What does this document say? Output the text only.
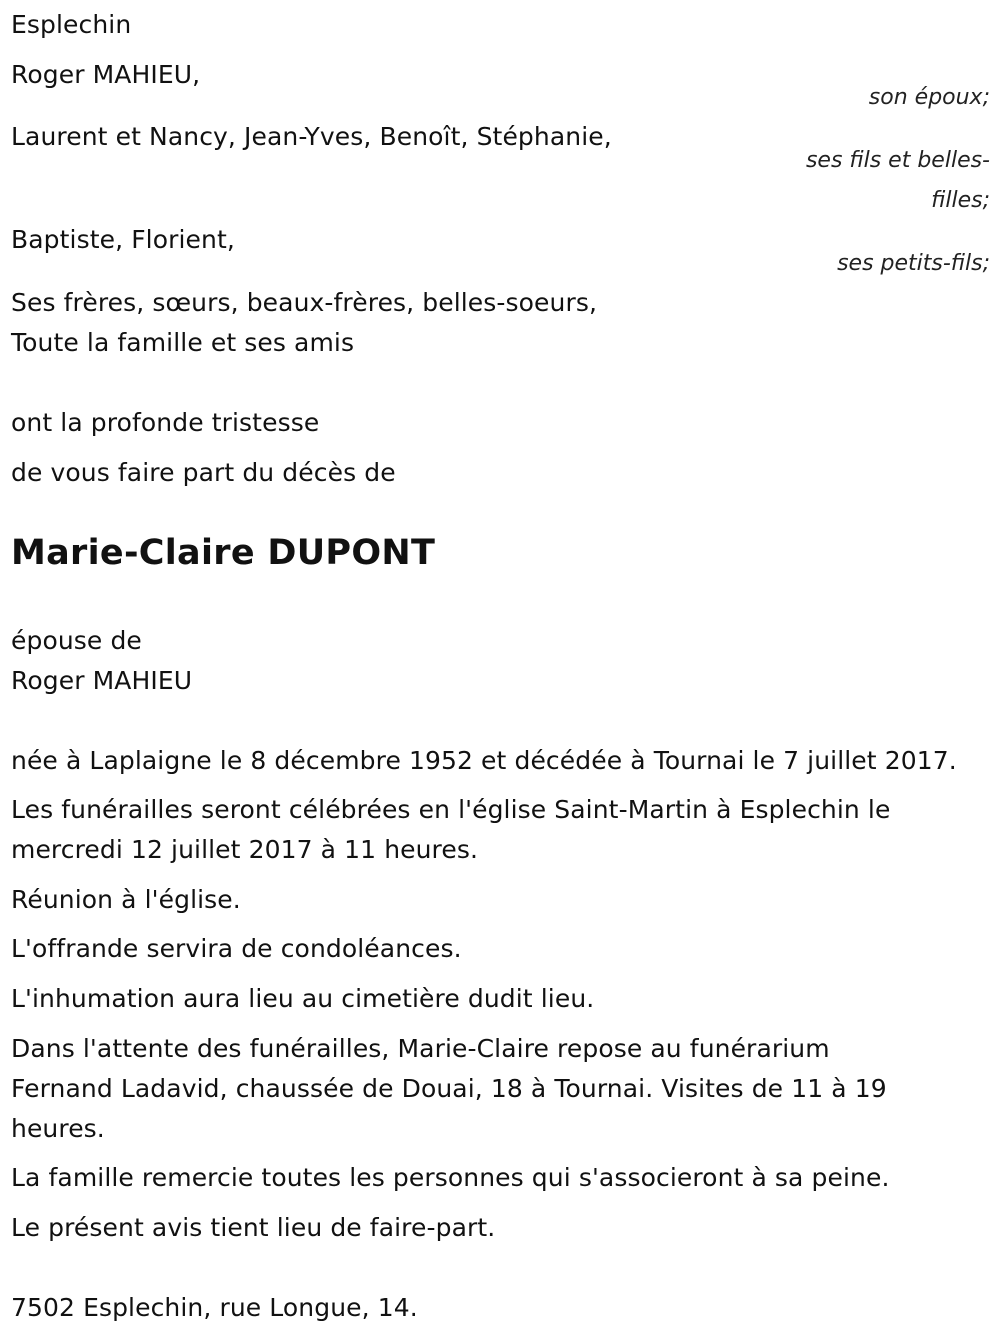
Esplechin
Roger MAHIEU,
son époux;
Laurent et Nancy, Jean-Yves, Benoît, Stéphanie,
ses fils et belles-
filles;
Baptiste, Florient,
ses petits-fils;
Ses frères, sœurs, beaux-frères, belles-soeurs,
Toute la famille et ses amis
ont la profonde tristesse
de vous faire part du décès de
Marie-Claire DUPONT
épouse de
Roger MAHIEU
née à Laplaigne le 8 décembre 1952 et décédée à Tournai le 7 juillet 2017.
Les funérailles seront célébrées en l'église Saint-Martin à Esplechin le
mercredi 12 juillet 2017 à 11 heures.
Réunion à l'église.
L'offrande servira de condoléances.
L'inhumation aura lieu au cimetière dudit lieu.
Dans l'attente des funérailles, Marie-Claire repose au funérarium
Fernand Ladavid, chaussée de Douai, 18 à Tournai. Visites de 11 à 19
heures.
La famille remercie toutes les personnes qui s'associeront à sa peine.
Le présent avis tient lieu de faire-part.
7502 Esplechin, rue Longue, 14.
